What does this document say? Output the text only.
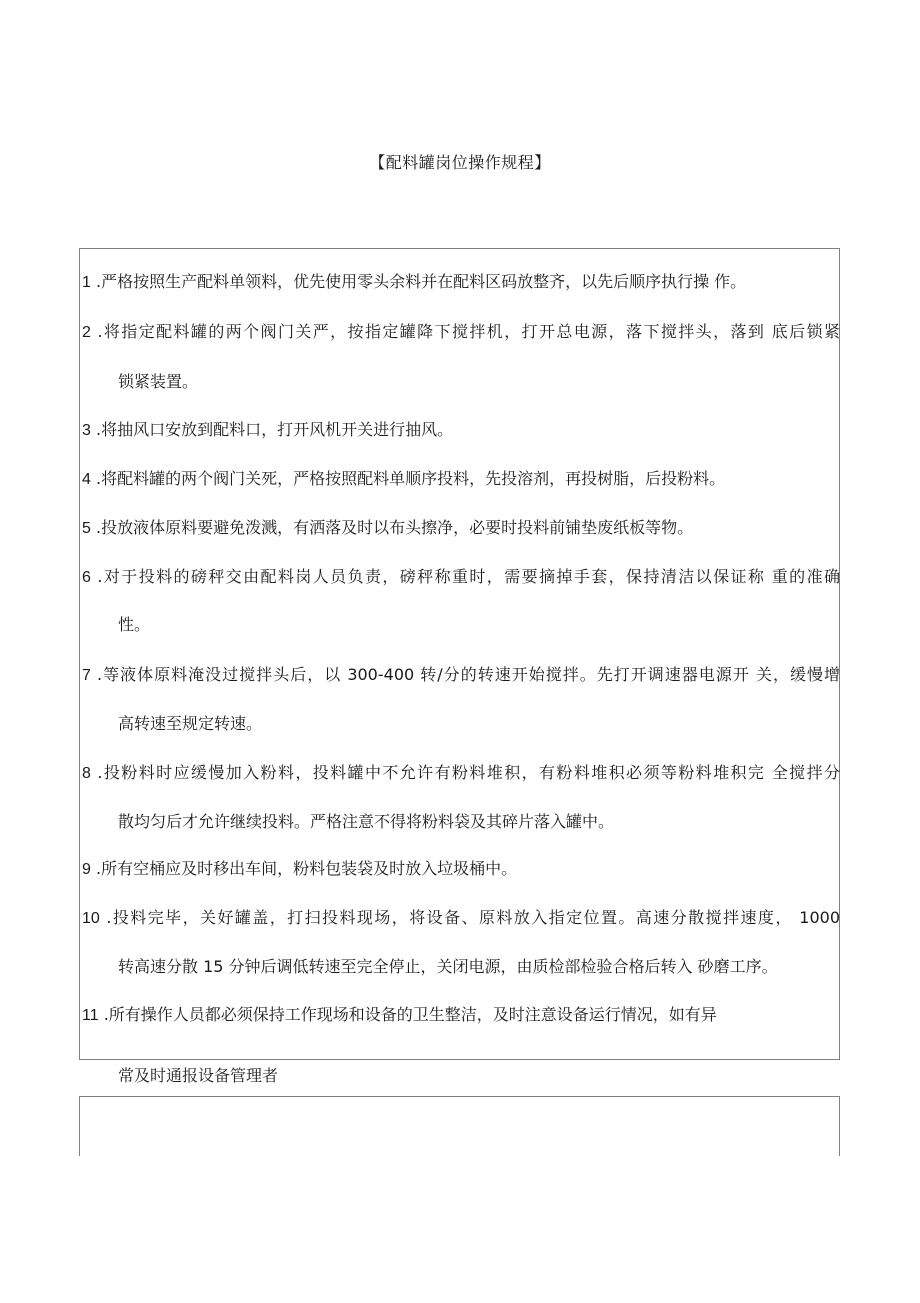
【配料罐岗位操作规程】
1 .严格按照生产配料单领料，优先使用零头余料并在配料区码放整齐，以先后顺序执行操 作。
2 .将指定配料罐的两个阀门关严，按指定罐降下搅拌机，打开总电源，落下搅拌头，落到 底后锁紧
锁紧装置。
3 .将抽风口安放到配料口，打开风机开关进行抽风。
4 .将配料罐的两个阀门关死，严格按照配料单顺序投料，先投溶剂，再投树脂，后投粉料。
5 .投放液体原料要避免泼溅，有洒落及时以布头擦净，必要时投料前铺垫废纸板等物。
6 .对于投料的磅秤交由配料岗人员负责，磅秤称重时，需要摘掉手套，保持清洁以保证称 重的准确
性。
7 .等液体原料淹没过搅拌头后，以 300-400 转/分的转速开始搅拌。先打开调速器电源开 关，缓慢增
高转速至规定转速。
8 .投粉料时应缓慢加入粉料，投料罐中不允许有粉料堆积，有粉料堆积必须等粉料堆积完 全搅拌分
散均匀后才允许继续投料。严格注意不得将粉料袋及其碎片落入罐中。
9 .所有空桶应及时移出车间，粉料包装袋及时放入垃圾桶中。
10 .投料完毕，关好罐盖，打扫投料现场，将设备、原料放入指定位置。高速分散搅拌速度， 1000
转高速分散 15 分钟后调低转速至完全停止，关闭电源，由质检部检验合格后转入 砂磨工序。
11 .所有操作人员都必须保持工作现场和设备的卫生整洁，及时注意设备运行情况，如有异
常及时通报设备管理者
